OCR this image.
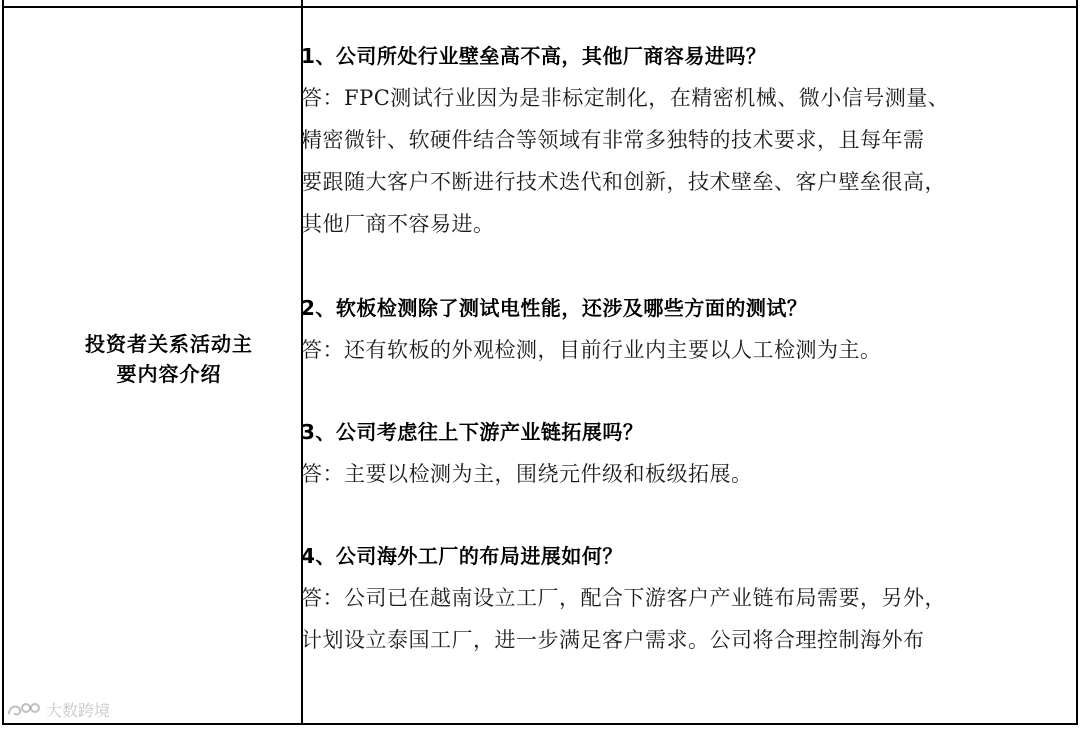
投资者关系活动主
要内容介绍

1、公司所处行业壁垒高不高，其他厂商容易进吗？

答：FPC测试行业因为是非标定制化，在精密机械、微小信号测量、
精密微针、软硬件结合等领域有非常多独特的技术要求，且每年需
要跟随大客户不断进行技术迭代和创新，技术壁垒、客户壁垒很高，
其他厂商不容易进。

2、软板检测除了测试电性能，还涉及哪些方面的测试？

答：还有软板的外观检测，目前行业内主要以人工检测为主。

3、公司考虑往上下游产业链拓展吗？

答：主要以检测为主，围绕元件级和板级拓展。

4、公司海外工厂的布局进展如何？

答：公司已在越南设立工厂，配合下游客户产业链布局需要，另外，
计划设立泰国工厂，进一步满足客户需求。公司将合理控制海外布

大数跨境
